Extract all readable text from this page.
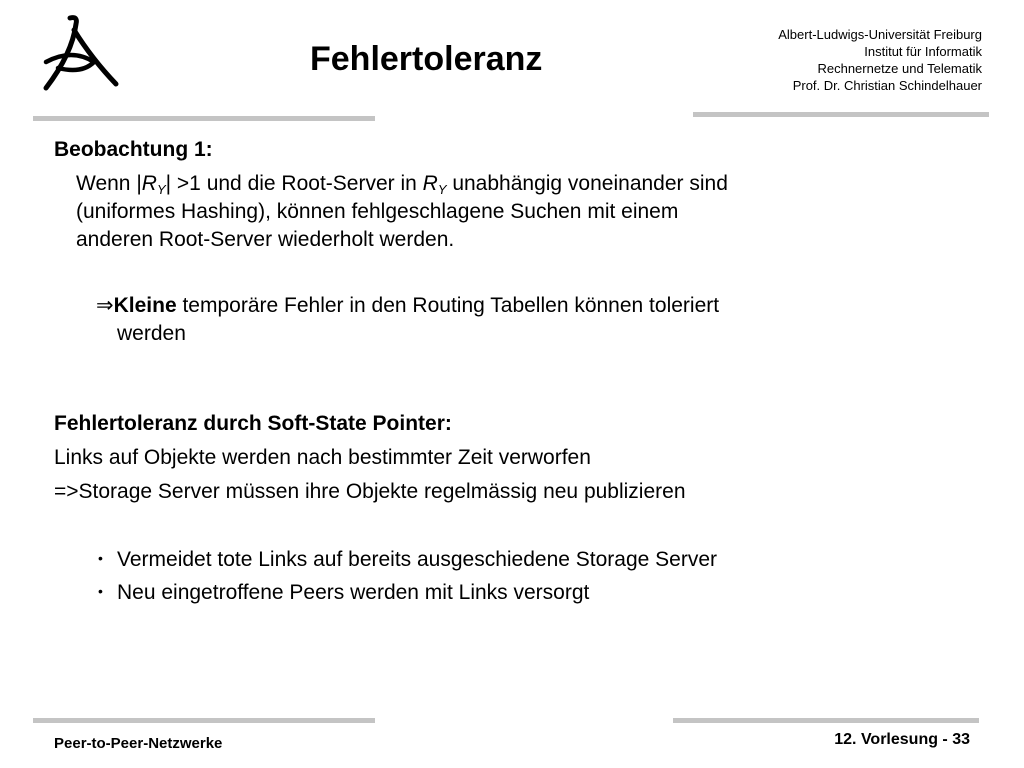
Fehlertoleranz
Albert-Ludwigs-Universität Freiburg
Institut für Informatik
Rechnernetze und Telematik
Prof. Dr. Christian Schindelhauer
Beobachtung 1:
Wenn $|R_Y| >1$ und die Root-Server in $R_Y$ unabhängig voneinander sind
(uniformes Hashing), können fehlgeschlagene Suchen mit einem
anderen Root-Server wiederholt werden.
⇒Kleine temporäre Fehler in den Routing Tabellen können toleriert
werden
Fehlertoleranz durch Soft-State Pointer:
Links auf Objekte werden nach bestimmter Zeit verworfen
=>Storage Server müssen ihre Objekte regelmässig neu publizieren
• Vermeidet tote Links auf bereits ausgeschiedene Storage Server
• Neu eingetroffene Peers werden mit Links versorgt
Peer-to-Peer-Netzwerke	12. Vorlesung - 33
